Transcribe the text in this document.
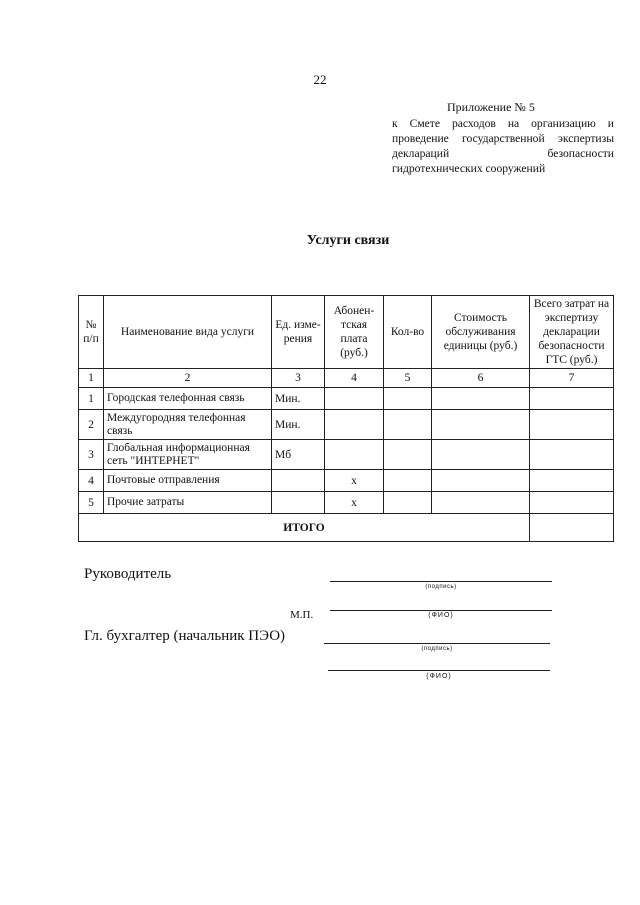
22
Приложение № 5
к Смете расходов на организацию и
проведение государственной экспертизы
деклараций безопасности
гидротехнических сооружений
Услуги связи
№ п/п	Наименование вида услуги	Ед. изме-рения	Абонен-тская плата (руб.)	Кол-во	Стоимость обслуживания единицы (руб.)	Всего затрат на экспертизу декларации безопасности ГТС (руб.)
1	2	3	4	5	6	7
1	Городская телефонная связь	Мин.				
2	Междугородняя телефонная связь	Мин.				
3	Глобальная информационная сеть "ИНТЕРНЕТ"	Мб				
4	Почтовые отправления		х			
5	Прочие затраты		х			
ИТОГО						
Руководитель
(подпись)
М.П.	(ФИО)
Гл. бухгалтер (начальник ПЭО)
(подпись)
(ФИО)
